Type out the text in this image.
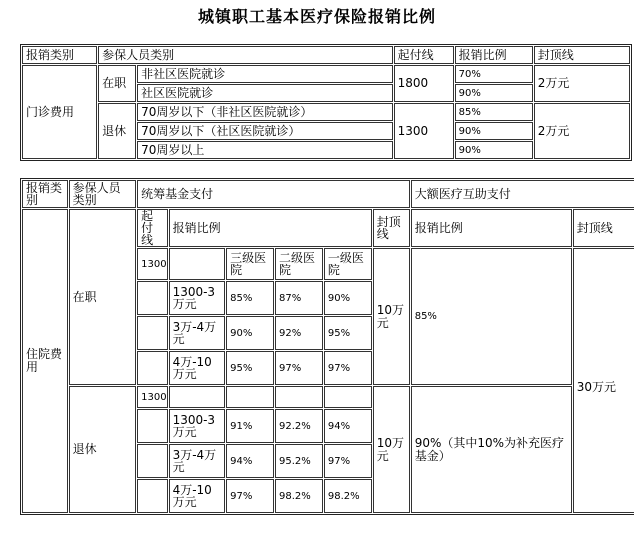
城镇职工基本医疗保险报销比例
报销类别	参保人员类别		起付线	报销比例	封顶线
门诊费用	在职	非社区医院就诊	1800	70%	2万元
		社区医院就诊		90%	
	退休	70周岁以下（非社区医院就诊）	1300	85%	2万元
		70周岁以下（社区医院就诊）		90%	
		70周岁以上		90%	
报销类别	参保人员类别	统筹基金支付						大额医疗互助支付	
住院费用	在职	起付线	报销比例				封顶线	报销比例	封顶线
		1300		三级医院	二级医院	一级医院	10万元	85%	30万元
			1300-3万元	85%	87%	90%			
			3万-4万元	90%	92%	95%			
			4万-10万元	95%	97%	97%			
	退休	1300					10万元	90%（其中10%为补充医疗基金）	
			1300-3万元	91%	92.2%	94%			
			3万-4万元	94%	95.2%	97%			
			4万-10万元	97%	98.2%	98.2%			
